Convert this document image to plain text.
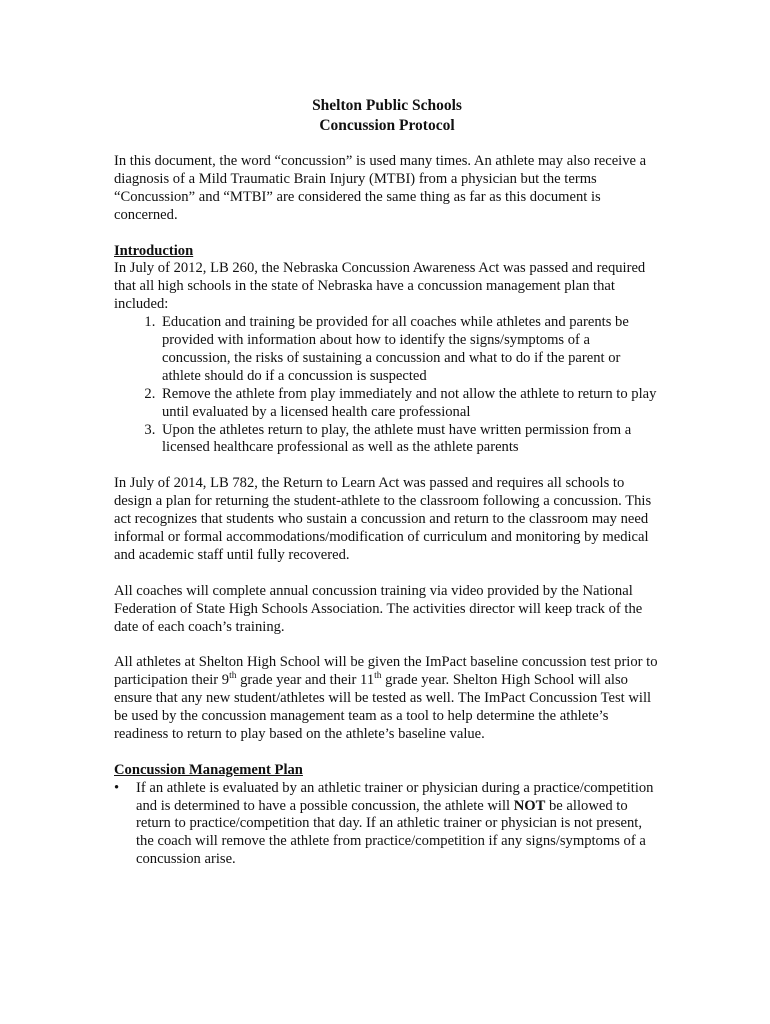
Shelton Public Schools
Concussion Protocol

In this document, the word “concussion” is used many times. An athlete may also receive a diagnosis of a Mild Traumatic Brain Injury (MTBI) from a physician but the terms “Concussion” and “MTBI” are considered the same thing as far as this document is concerned.

Introduction

In July of 2012, LB 260, the Nebraska Concussion Awareness Act was passed and required that all high schools in the state of Nebraska have a concussion management plan that included:

1. Education and training be provided for all coaches while athletes and parents be provided with information about how to identify the signs/symptoms of a concussion, the risks of sustaining a concussion and what to do if the parent or athlete should do if a concussion is suspected
2. Remove the athlete from play immediately and not allow the athlete to return to play until evaluated by a licensed health care professional
3. Upon the athletes return to play, the athlete must have written permission from a licensed healthcare professional as well as the athlete parents

In July of 2014, LB 782, the Return to Learn Act was passed and requires all schools to design a plan for returning the student-athlete to the classroom following a concussion. This act recognizes that students who sustain a concussion and return to the classroom may need informal or formal accommodations/modification of curriculum and monitoring by medical and academic staff until fully recovered.

All coaches will complete annual concussion training via video provided by the National Federation of State High Schools Association. The activities director will keep track of the date of each coach’s training.

All athletes at Shelton High School will be given the ImPact baseline concussion test prior to participation their 9th grade year and their 11th grade year. Shelton High School will also ensure that any new student/athletes will be tested as well. The ImPact Concussion Test will be used by the concussion management team as a tool to help determine the athlete’s readiness to return to play based on the athlete’s baseline value.

Concussion Management Plan
• If an athlete is evaluated by an athletic trainer or physician during a practice/competition and is determined to have a possible concussion, the athlete will NOT be allowed to return to practice/competition that day. If an athletic trainer or physician is not present, the coach will remove the athlete from practice/competition if any signs/symptoms of a concussion arise.
